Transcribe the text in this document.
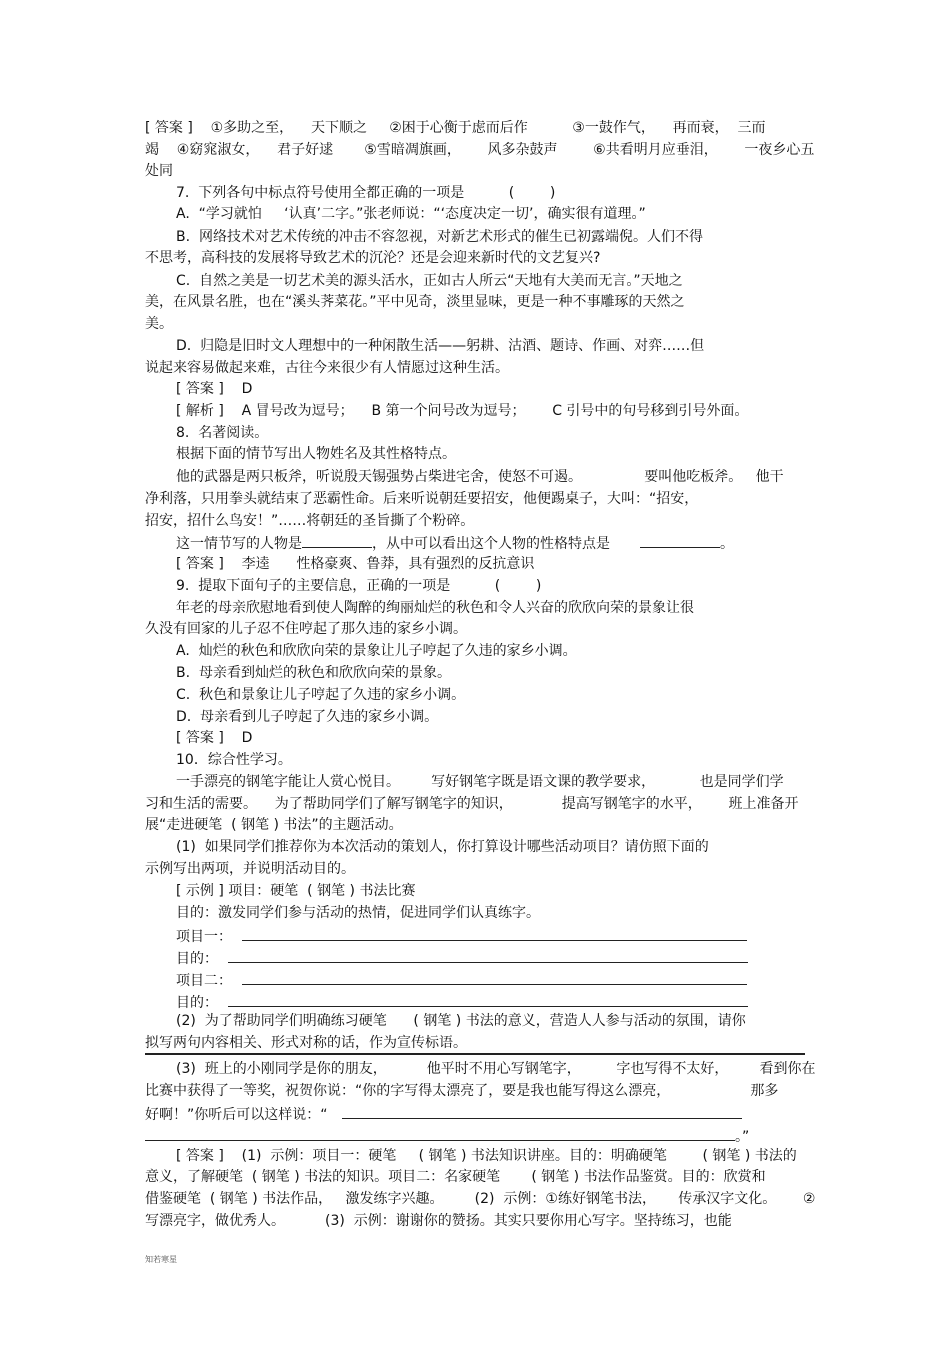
[ 答案 ]    ①多助之至，    天下顺之     ②困于心衡于虑而后作          ③一鼓作气，    再而衰，  三而
竭    ④窈窕淑女，    君子好逑       ⑤雪暗凋旗画，      风多杂鼓声        ⑥共看明月应垂泪，      一夜乡心五
处同
7.  下列各句中标点符号使用全都正确的一项是          (        )
A.  “学习就怕     ‘认真’二字。”张老师说：“‘态度决定一切’，确实很有道理。”
B.  网络技术对艺术传统的冲击不容忽视，对新艺术形式的催生已初露端倪。人们不得
不思考，高科技的发展将导致艺术的沉沦？还是会迎来新时代的文艺复兴?
C.  自然之美是一切艺术美的源头活水，正如古人所云“天地有大美而无言。”天地之
美，在风景名胜，也在“溪头荠菜花。”平中见奇，淡里显味，更是一种不事雕琢的天然之
美。
D.  归隐是旧时文人理想中的一种闲散生活——躬耕、沽酒、题诗、作画、对弈……但
说起来容易做起来难，古往今来很少有人情愿过这种生活。
[ 答案 ]    D
[ 解析 ]    A 冒号改为逗号；    B 第一个问号改为逗号；      C 引号中的句号移到引号外面。
8.  名著阅读。
根据下面的情节写出人物姓名及其性格特点。
他的武器是两只板斧，听说殷天锡强势占柴进宅舍，使怒不可遏。              要叫他吃板斧。   他干
净利落，只用拳头就结束了恶霸性命。后来听说朝廷要招安，他便踢桌子，大叫：“招安，
招安，招什么鸟安！”……将朝廷的圣旨撕了个粉碎。
这一情节写的人物是	，从中可以看出这个人物的性格特点是	。
[ 答案 ]    李逵      性格豪爽、鲁莽，具有强烈的反抗意识
9.  提取下面句子的主要信息，正确的一项是          (        )
年老的母亲欣慰地看到使人陶醉的绚丽灿烂的秋色和令人兴奋的欣欣向荣的景象让很
久没有回家的儿子忍不住哼起了那久违的家乡小调。
A.  灿烂的秋色和欣欣向荣的景象让儿子哼起了久违的家乡小调。
B.  母亲看到灿烂的秋色和欣欣向荣的景象。
C.  秋色和景象让儿子哼起了久违的家乡小调。
D.  母亲看到儿子哼起了久违的家乡小调。
[ 答案 ]    D
10．综合性学习。
一手漂亮的钢笔字能让人赏心悦目。       写好钢笔字既是语文课的教学要求，          也是同学们学
习和生活的需要。    为了帮助同学们了解写钢笔字的知识，           提高写钢笔字的水平，      班上准备开
展“走进硬笔  ( 钢笔 ) 书法”的主题活动。
(1)  如果同学们推荐你为本次活动的策划人，你打算设计哪些活动项目？请仿照下面的
示例写出两项，并说明活动目的。
[ 示例 ] 项目：硬笔  ( 钢笔 ) 书法比赛
目的：激发同学们参与活动的热情，促进同学们认真练字。
项目一：
目的：
项目二：
目的：
(2)  为了帮助同学们明确练习硬笔      ( 钢笔 ) 书法的意义，营造人人参与活动的氛围，请你
拟写两句内容相关、形式对称的话，作为宣传标语。
(3)  班上的小刚同学是你的朋友，         他平时不用心写钢笔字，        字也写得不太好，       看到你在
比赛中获得了一等奖，祝贺你说：“你的字写得太漂亮了，要是我也能写得这么漂亮，                  那多
好啊！”你听后可以这样说：“
。”
[ 答案 ]    (1)  示例：项目一：硬笔     ( 钢笔 ) 书法知识讲座。目的：明确硬笔        ( 钢笔 ) 书法的
意义，了解硬笔  ( 钢笔 ) 书法的知识。项目二：名家硬笔       ( 钢笔 ) 书法作品鉴赏。目的：欣赏和
借鉴硬笔  ( 钢笔 ) 书法作品，   激发练字兴趣。       (2)  示例：①练好钢笔书法，     传承汉字文化。      ②
写漂亮字，做优秀人。         (3)  示例：谢谢你的赞扬。其实只要你用心写字。坚持练习，也能
知若寒星
